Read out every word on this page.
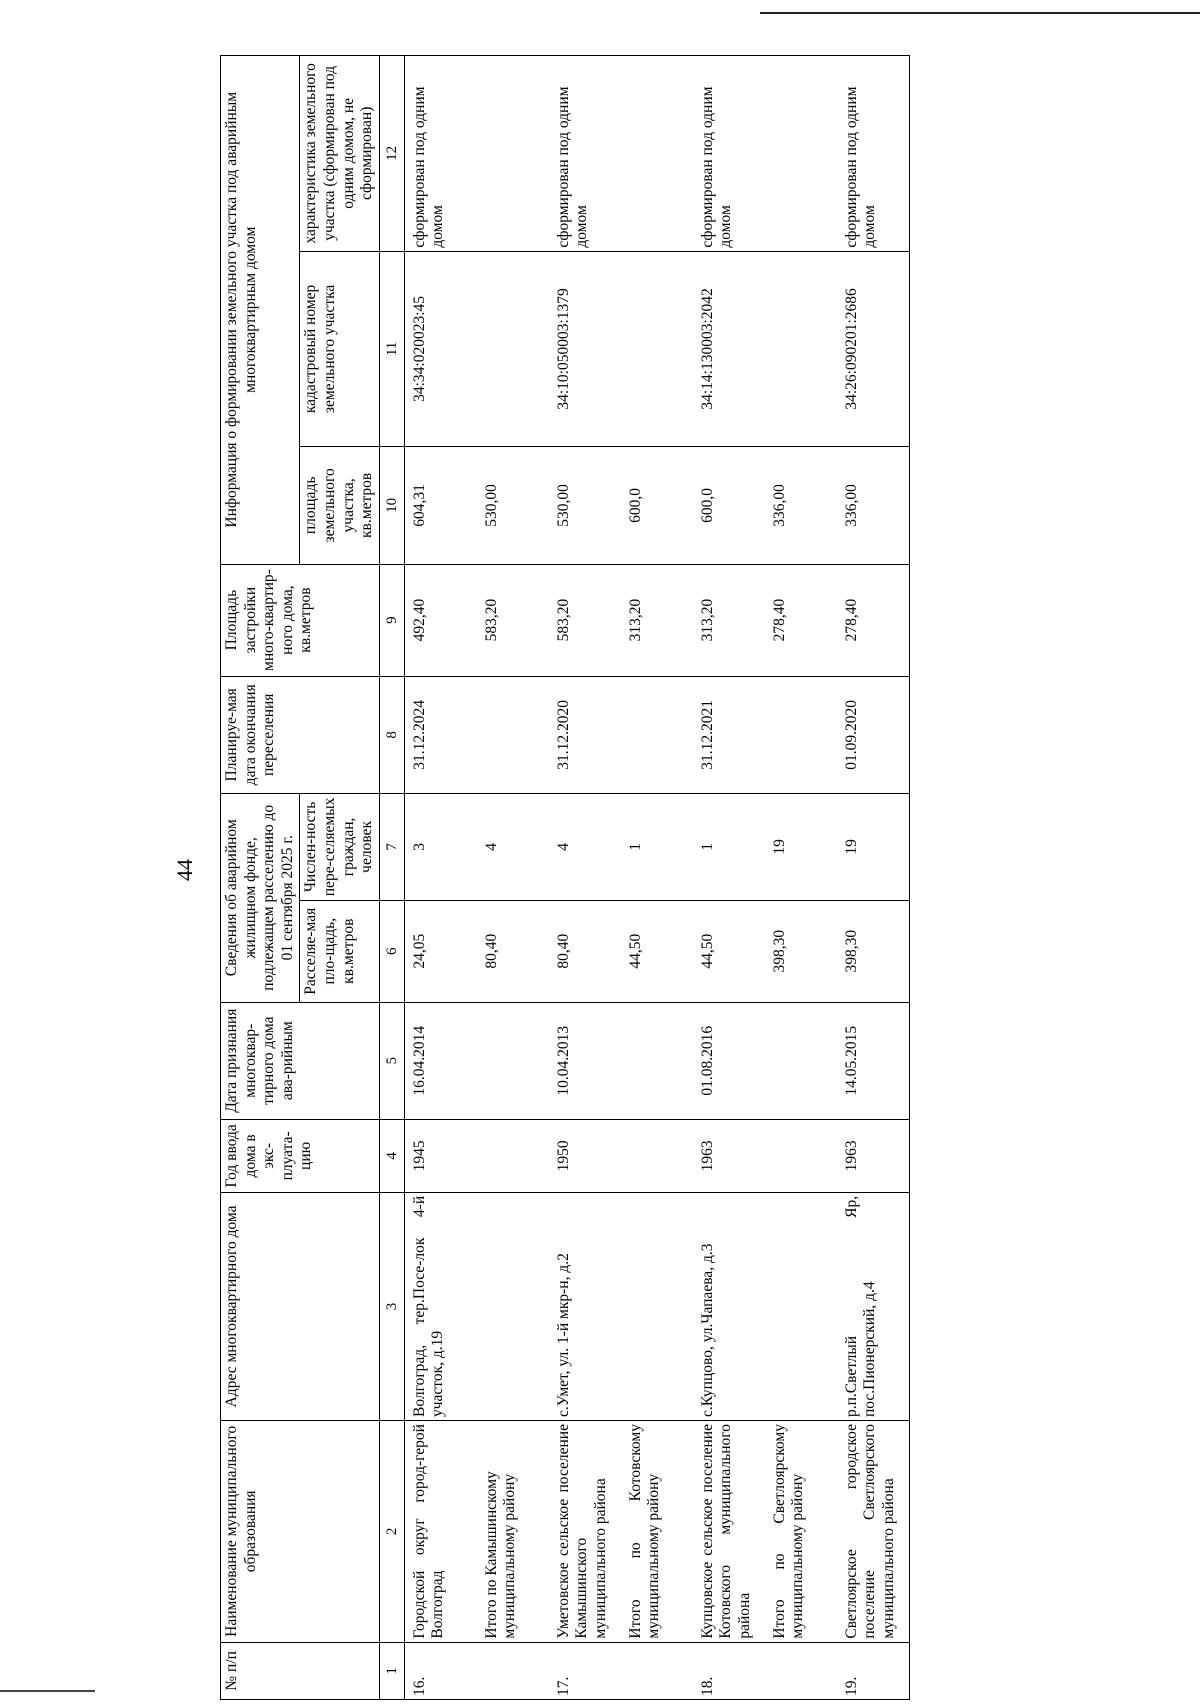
44
№ п/п	Наименование муниципального образования	Адрес многоквартирного дома	Год ввода дома в экс-плуата-цию	Дата признания многоквар-тирного дома ава-рийным	Сведения об аварийном жилищном фонде, подлежащем расселению до 01 сентября 2025 г.		Планируе-мая дата окончания переселения	Площадь застройки много-квартир-ного дома, кв.метров	Информация о формировании земельного участка под аварийным многоквартирным домом		
					Расселяе-мая пло-щадь, кв.метров	Числен-ность пере-селяемых граждан, человек			площадь земельного участка, кв.метров	кадастровый номер земельного участка	характеристика земельного участка (сформирован под одним домом, не сформирован)
1	2	3	4	5	6	7	8	9	10	11	12
16.	Городской округ город-герой Волгоград	Волгоград, тер.Посе-лок 4-й участок, д.19	1945	16.04.2014	24,05	3	31.12.2024	492,40	604,31	34:34:020023:45	сформирован под одним домом
	Итого по Камышинскому муниципальному району				80,40	4		583,20	530,00		
17.	Уметовское сельское поселение Камышинского муниципального района	с.Умет, ул. 1-й мкр-н, д.2	1950	10.04.2013	80,40	4	31.12.2020	583,20	530,00	34:10:050003:1379	сформирован под одним домом
	Итого по Котовскому муниципальному району				44,50	1		313,20	600,0		
18.	Купцовское сельское поселение Котовского муниципального района	с.Купцово, ул.Чапаева, д.3	1963	01.08.2016	44,50	1	31.12.2021	313,20	600,0	34:14:130003:2042	сформирован под одним домом
	Итого по Светлоярскому муниципальному району				398,30	19		278,40	336,00		
19.	Светлоярское городское поселение Светлоярского муниципального района	р.п.Светлый Яр, пос.Пионерский, д.4	1963	14.05.2015	398,30	19	01.09.2020	278,40	336,00	34:26:090201:2686	сформирован под одним домом
